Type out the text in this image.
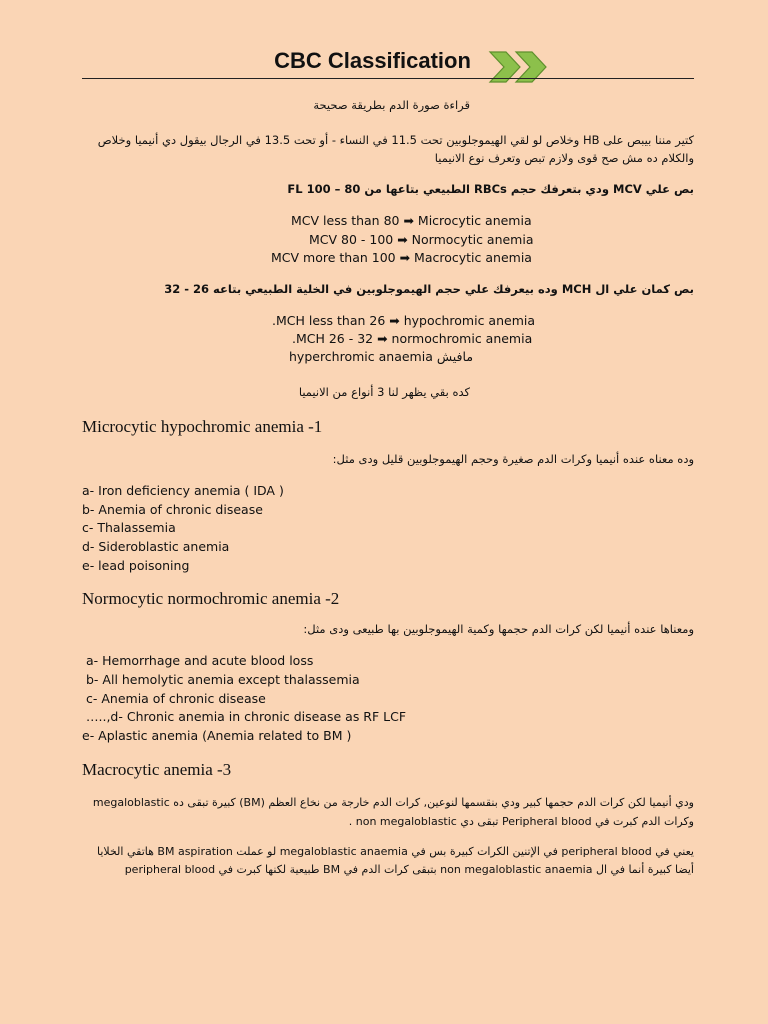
CBC Classification
قراءة صورة الدم بطريقة صحيحة
كتير مننا بيبص على HB وخلاص لو لقي الهيموجلوبين تحت 11.5 في النساء - أو تحت 13.5 في الرجال بيقول دي أنيميا وخلاص
والكلام ده مش صح قوى ولازم تبص وتعرف نوع الانيميا
بص علي MCV ودي بتعرفك حجم RBCs الطبيعي بتاعها من 80 – 100 FL
MCV less than 80 ➡ Microcytic anemia
MCV 80 - 100 ➡ Normocytic anemia
MCV more than 100 ➡ Macrocytic anemia
بص كمان علي ال MCH وده بيعرفك علي حجم الهيموجلوبين في الخلية الطبيعي بتاعه 26 - 32
.MCH less than 26 ➡ hypochromic anemia
.MCH 26 - 32 ➡ normochromic anemia
hyperchromic anaemia مافيش
كده بقي يظهر لنا 3 أنواع من الانيميا
Microcytic hypochromic anemia -1
وده معناه عنده أنيميا وكرات الدم صغيرة وحجم الهيموجلوبين قليل ودى مثل:
a- Iron deficiency anemia ( IDA )
b- Anemia of chronic disease
c- Thalassemia
d- Sideroblastic anemia
e- lead poisoning
Normocytic normochromic anemia -2
ومعناها عنده أنيميا لكن كرات الدم حجمها وكمية الهيموجلوبين بها طبيعى ودى مثل:
a- Hemorrhage and acute blood loss
b- All hemolytic anemia except thalassemia
c- Anemia of chronic disease
…..,d- Chronic anemia in chronic disease as RF LCF
e- Aplastic anemia (Anemia related to BM )
Macrocytic anemia -3
ودي أنيميا لكن كرات الدم حجمها كبير ودي بنقسمها لنوعين, كرات الدم خارجة من نخاع العظم (BM) كبيرة تبقى ده megaloblastic
وكرات الدم كبرت في Peripheral blood تبقى دي non megaloblastic .
يعني في peripheral blood في الإتنين الكرات كبيرة بس في megaloblastic anaemia لو عملت BM aspiration هاتقي الخلايا
أيضا كبيرة أنما في ال non megaloblastic anaemia بتبقى كرات الدم في BM طبيعية لكنها كبرت في peripheral blood
